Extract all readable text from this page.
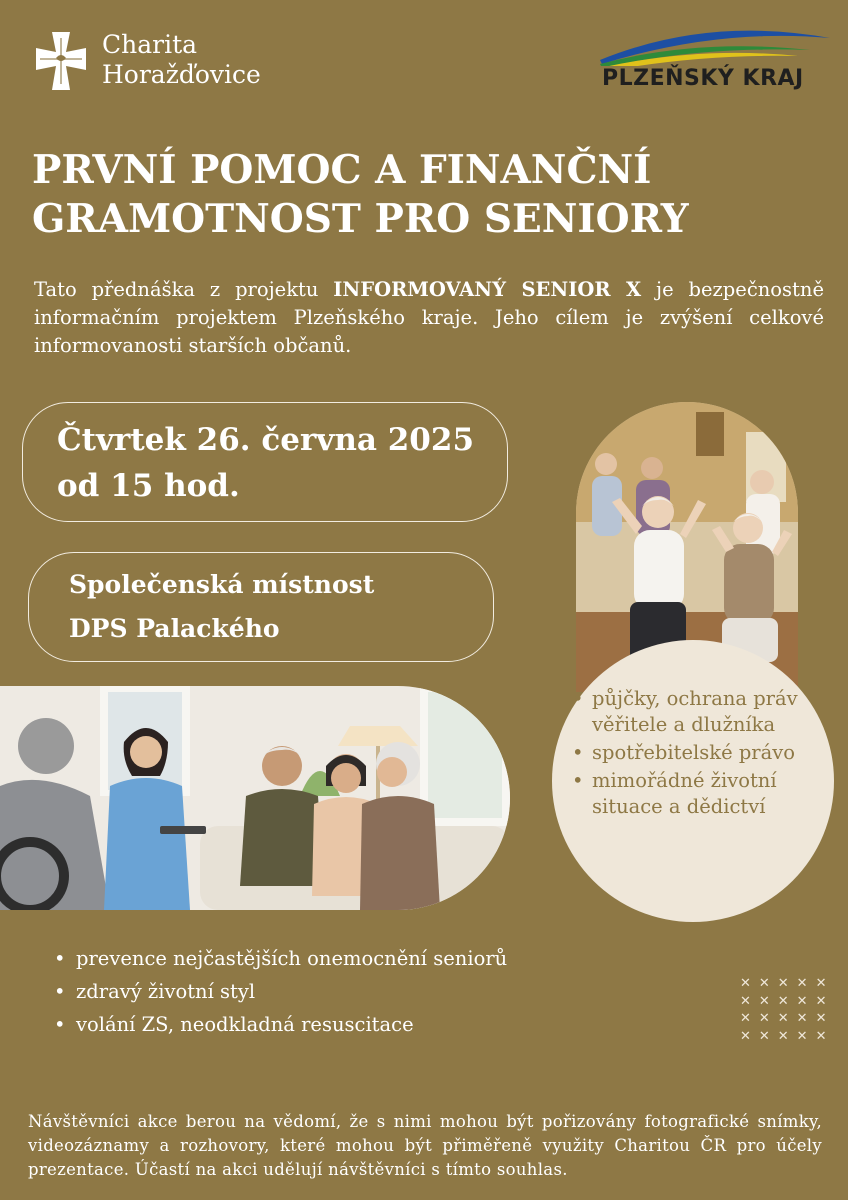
Charita
Horažďovice	PLZEŇSKÝ KRAJ
PRVNÍ POMOC A FINANČNÍ
GRAMOTNOST PRO SENIORY

Tato přednáška z projektu INFORMOVANÝ SENIOR X je bezpečnostně informačním projektem Plzeňského kraje. Jeho cílem je zvýšení celkové informovanosti starších občanů.

Čtvrtek 26. června 2025
od 15 hod.
Společenská místnost
DPS Palackého
• půjčky, ochrana práv věřitele a dlužníka
• spotřebitelské právo
• mimořádné životní situace a dědictví
• prevence nejčastějších onemocnění seniorů
• zdravý životní styl
• volání ZS, neodkladná resuscitace
✕✕✕✕✕
✕✕✕✕✕
✕✕✕✕✕
✕✕✕✕✕

Návštěvníci akce berou na vědomí, že s nimi mohou být pořizovány fotografické snímky, videozáznamy a rozhovory, které mohou být přiměřeně využity Charitou ČR pro účely prezentace. Účastí na akci udělují návštěvníci s tímto souhlas.
